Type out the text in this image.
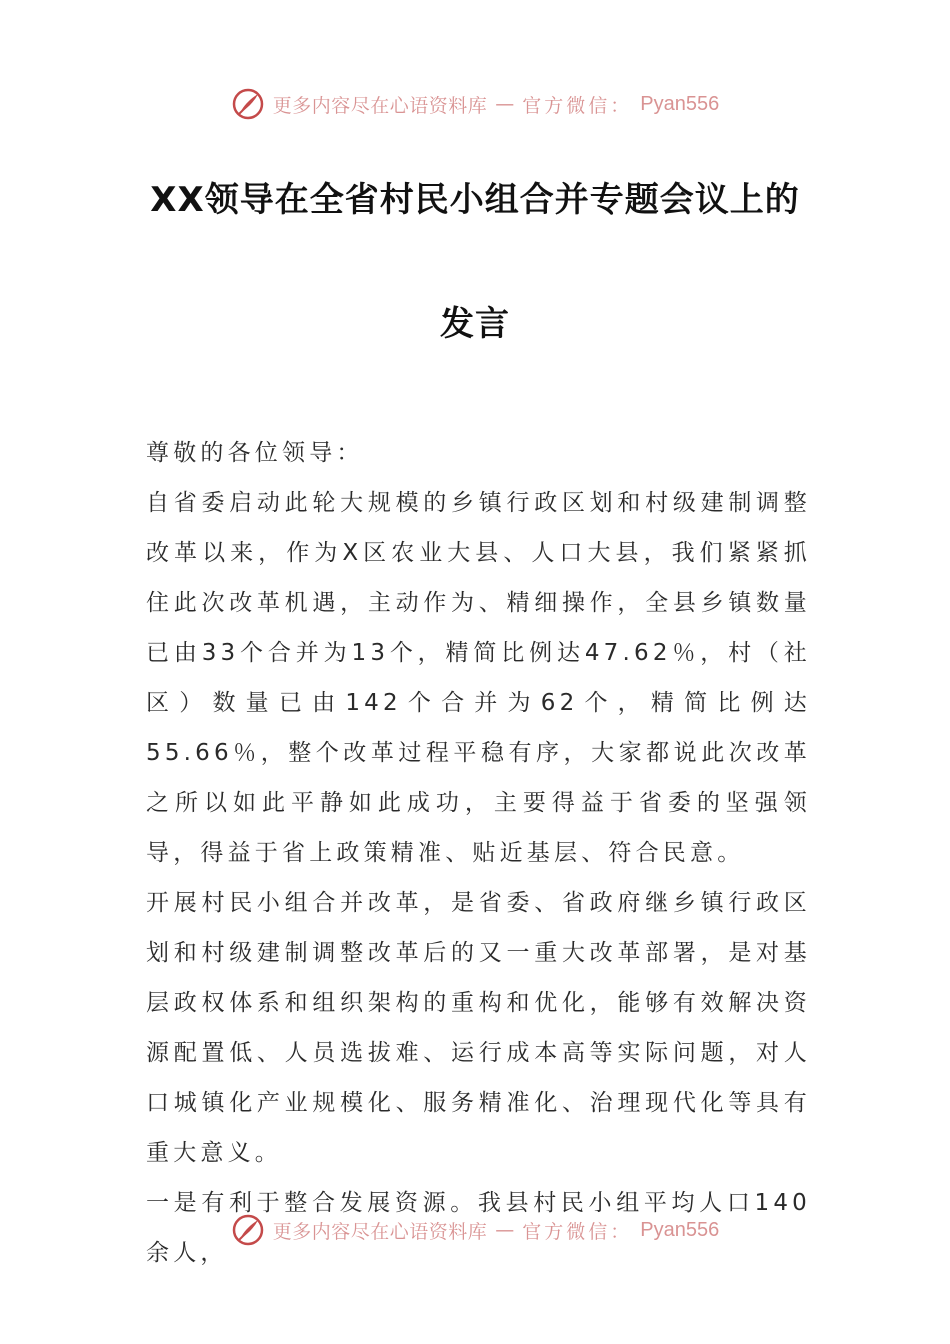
更多内容尽在心语资料库 — 官方微信： Pyan556
XX领导在全省村民小组合并专题会议上的
发言

尊敬的各位领导：

自省委启动此轮大规模的乡镇行政区划和村级建制调整改革以来，作为X区农业大县、人口大县，我们紧紧抓住此次改革机遇，主动作为、精细操作，全县乡镇数量已由33个合并为13个，精简比例达47.62％，村（社区）数量已由142个合并为62个，精简比例达55.66％，整个改革过程平稳有序，大家都说此次改革之所以如此平静如此成功，主要得益于省委的坚强领导，得益于省上政策精准、贴近基层、符合民意。

开展村民小组合并改革，是省委、省政府继乡镇行政区划和村级建制调整改革后的又一重大改革部署，是对基层政权体系和组织架构的重构和优化，能够有效解决资源配置低、人员选拔难、运行成本高等实际问题，对人口城镇化产业规模化、服务精准化、治理现代化等具有重大意义。

一是有利于整合发展资源。我县村民小组平均人口140余人，

更多内容尽在心语资料库 — 官方微信： Pyan556
